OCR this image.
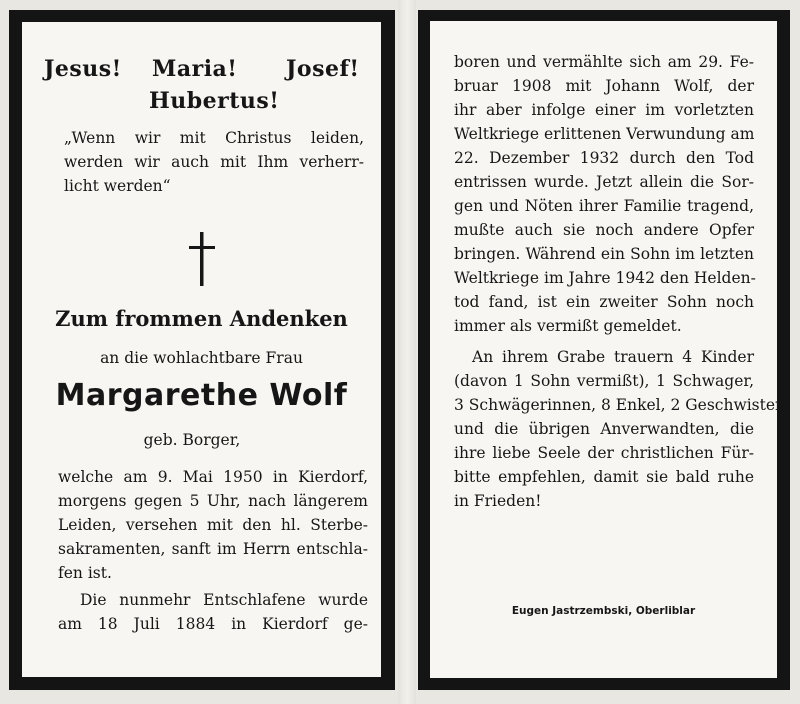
Jesus! Maria! Josef!
Hubertus!
„Wenn wir mit Christus leiden,
werden wir auch mit Ihm verherr-
licht werden“
Zum frommen Andenken
an die wohlachtbare Frau
Margarethe Wolf
geb. Borger,
welche am 9. Mai 1950 in Kierdorf,
morgens gegen 5 Uhr, nach längerem
Leiden, versehen mit den hl. Sterbe-
sakramenten, sanft im Herrn entschla-
fen ist.
Die nunmehr Entschlafene wurde
am 18 Juli 1884 in Kierdorf ge-
boren und vermählte sich am 29. Fe-
bruar 1908 mit Johann Wolf, der
ihr aber infolge einer im vorletzten
Weltkriege erlittenen Verwundung am
22. Dezember 1932 durch den Tod
entrissen wurde. Jetzt allein die Sor-
gen und Nöten ihrer Familie tragend,
mußte auch sie noch andere Opfer
bringen. Während ein Sohn im letzten
Weltkriege im Jahre 1942 den Helden-
tod fand, ist ein zweiter Sohn noch
immer als vermißt gemeldet.
An ihrem Grabe trauern 4 Kinder
(davon 1 Sohn vermißt), 1 Schwager,
3 Schwägerinnen, 8 Enkel, 2 Geschwister
und die übrigen Anverwandten, die
ihre liebe Seele der christlichen Für-
bitte empfehlen, damit sie bald ruhe
in Frieden!
Eugen Jastrzembski, Oberliblar
